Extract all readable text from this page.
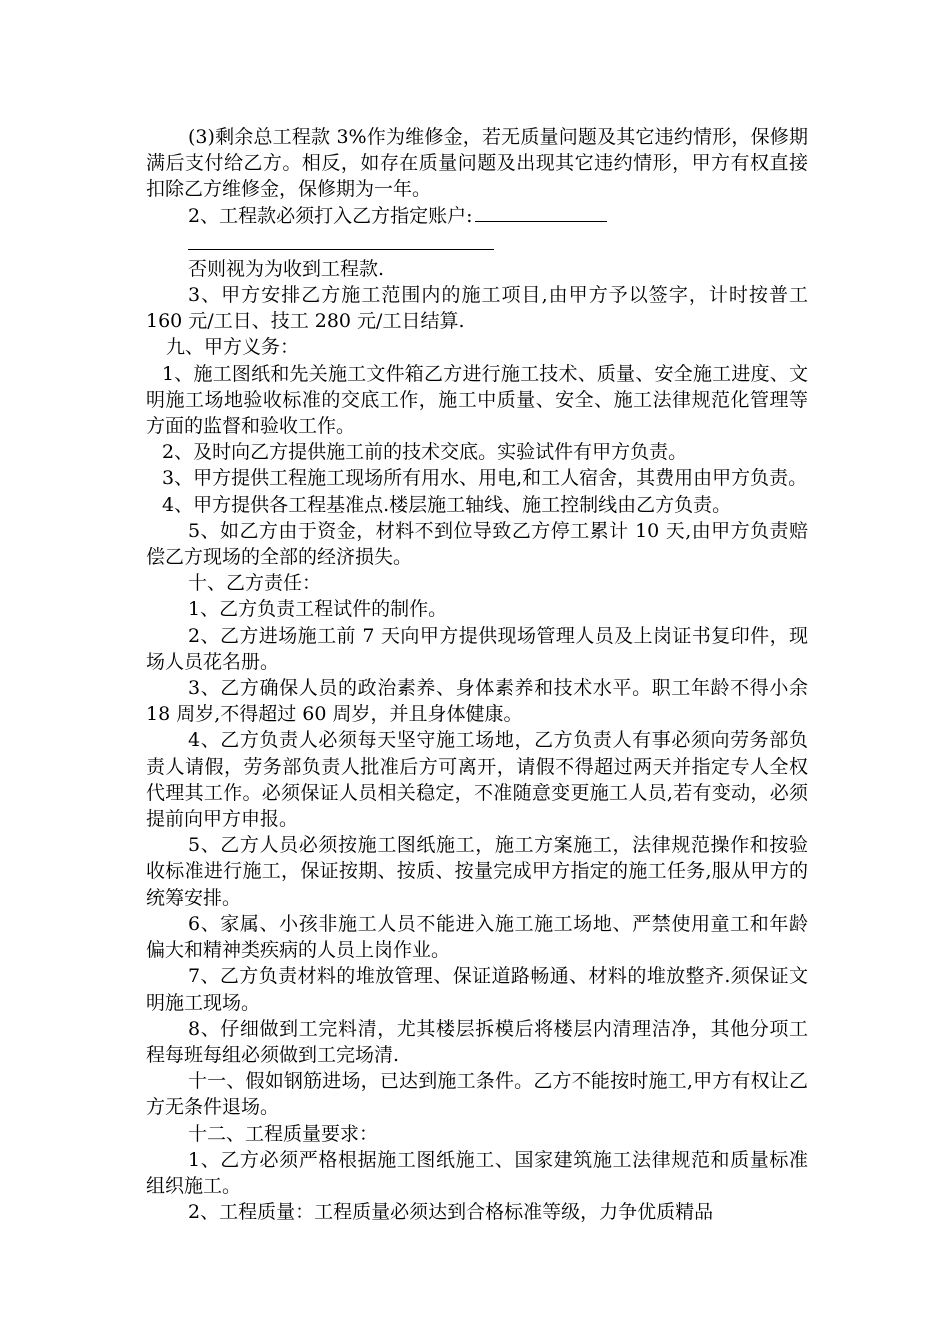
(3)剩余总工程款 3%作为维修金，若无质量问题及其它违约情形，保修期满后支付给乙方。相反，如存在质量问题及出现其它违约情形，甲方有权直接扣除乙方维修金，保修期为一年。

2、工程款必须打入乙方指定账户:

否则视为为收到工程款.

3、甲方安排乙方施工范围内的施工项目,由甲方予以签字，计时按普工 160 元/工日、技工 280 元/工日结算.

九、甲方义务：

1、施工图纸和先关施工文件箱乙方进行施工技术、质量、安全施工进度、文明施工场地验收标准的交底工作，施工中质量、安全、施工法律规范化管理等方面的监督和验收工作。

2、及时向乙方提供施工前的技术交底。实验试件有甲方负责。

3、甲方提供工程施工现场所有用水、用电,和工人宿舍，其费用由甲方负责。

4、甲方提供各工程基准点.楼层施工轴线、施工控制线由乙方负责。

5、如乙方由于资金，材料不到位导致乙方停工累计 10 天,由甲方负责赔偿乙方现场的全部的经济损失。

十、乙方责任：

1、乙方负责工程试件的制作。

2、乙方进场施工前 7 天向甲方提供现场管理人员及上岗证书复印件，现场人员花名册。

3、乙方确保人员的政治素养、身体素养和技术水平。职工年龄不得小余 18 周岁,不得超过 60 周岁，并且身体健康。

4、乙方负责人必须每天坚守施工场地，乙方负责人有事必须向劳务部负责人请假，劳务部负责人批准后方可离开，请假不得超过两天并指定专人全权代理其工作。必须保证人员相关稳定，不准随意变更施工人员,若有变动，必须提前向甲方申报。

5、乙方人员必须按施工图纸施工，施工方案施工，法律规范操作和按验收标准进行施工，保证按期、按质、按量完成甲方指定的施工任务,服从甲方的统筹安排。

6、家属、小孩非施工人员不能进入施工施工场地、严禁使用童工和年龄偏大和精神类疾病的人员上岗作业。

7、乙方负责材料的堆放管理、保证道路畅通、材料的堆放整齐.须保证文明施工现场。

8、仔细做到工完料清，尤其楼层拆模后将楼层内清理洁净，其他分项工程每班每组必须做到工完场清.

十一、假如钢筋进场，已达到施工条件。乙方不能按时施工,甲方有权让乙方无条件退场。

十二、工程质量要求：

1、乙方必须严格根据施工图纸施工、国家建筑施工法律规范和质量标准组织施工。

2、工程质量：工程质量必须达到合格标准等级，力争优质精品
